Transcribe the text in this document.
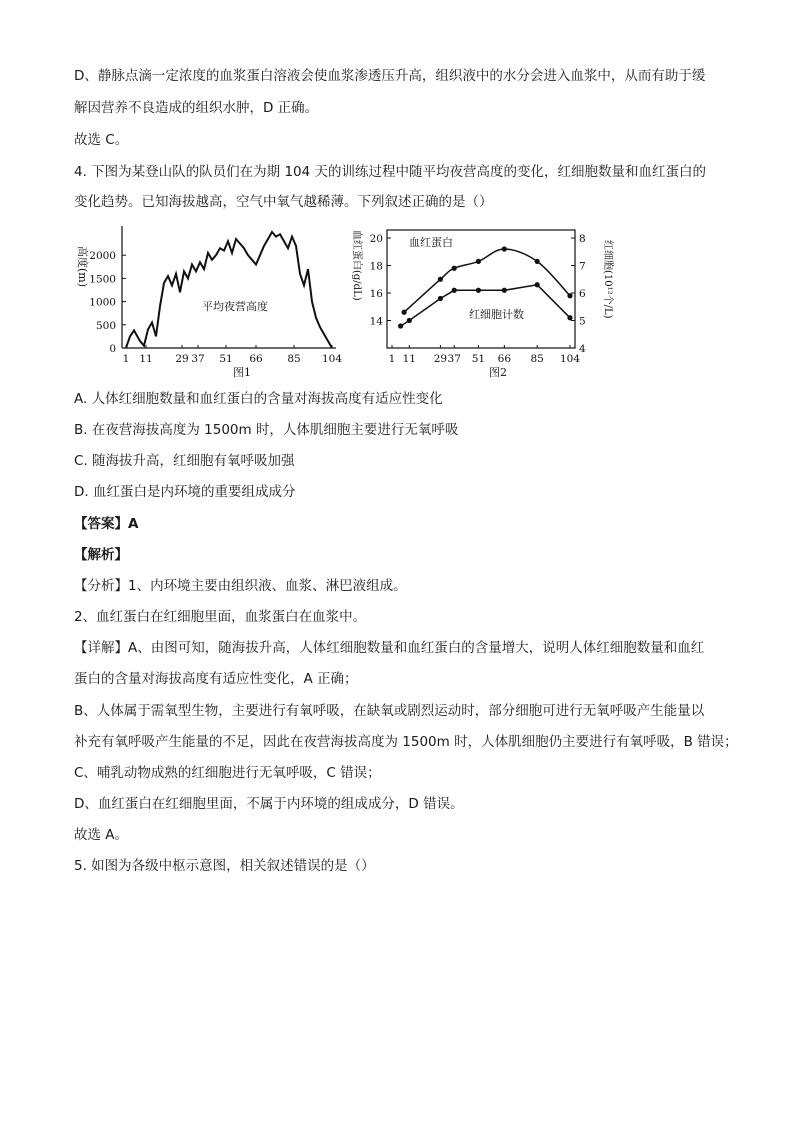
D、静脉点滴一定浓度的血浆蛋白溶液会使血浆渗透压升高，组织液中的水分会进入血浆中，从而有助于缓
解因营养不良造成的组织水肿，D 正确。
故选 C。
4. 下图为某登山队的队员们在为期 104 天的训练过程中随平均夜营高度的变化，红细胞数量和血红蛋白的
变化趋势。已知海拔越高，空气中氧气越稀薄。下列叙述正确的是（）
0
500
1000
1500
2000
1 11 29 37 51 66 85 104
高度(m)
平均夜营高度
图1
14
16
18
20
4
5
6
7
8
1 11 29 37 51 66 85 104
血红蛋白(g/dL)	红细胞(10¹²个/L)
血红蛋白
红细胞计数
图2
A. 人体红细胞数量和血红蛋白的含量对海拔高度有适应性变化
B. 在夜营海拔高度为 1500m 时，人体肌细胞主要进行无氧呼吸
C. 随海拔升高，红细胞有氧呼吸加强
D. 血红蛋白是内环境的重要组成成分
【答案】A
【解析】
【分析】1、内环境主要由组织液、血浆、淋巴液组成。
2、血红蛋白在红细胞里面，血浆蛋白在血浆中。
【详解】A、由图可知，随海拔升高，人体红细胞数量和血红蛋白的含量增大，说明人体红细胞数量和血红
蛋白的含量对海拔高度有适应性变化，A 正确；
B、人体属于需氧型生物，主要进行有氧呼吸，在缺氧或剧烈运动时，部分细胞可进行无氧呼吸产生能量以
补充有氧呼吸产生能量的不足，因此在夜营海拔高度为 1500m 时，人体肌细胞仍主要进行有氧呼吸，B 错误；
C、哺乳动物成熟的红细胞进行无氧呼吸，C 错误；
D、血红蛋白在红细胞里面，不属于内环境的组成成分，D 错误。
故选 A。
5. 如图为各级中枢示意图，相关叙述错误的是（）
